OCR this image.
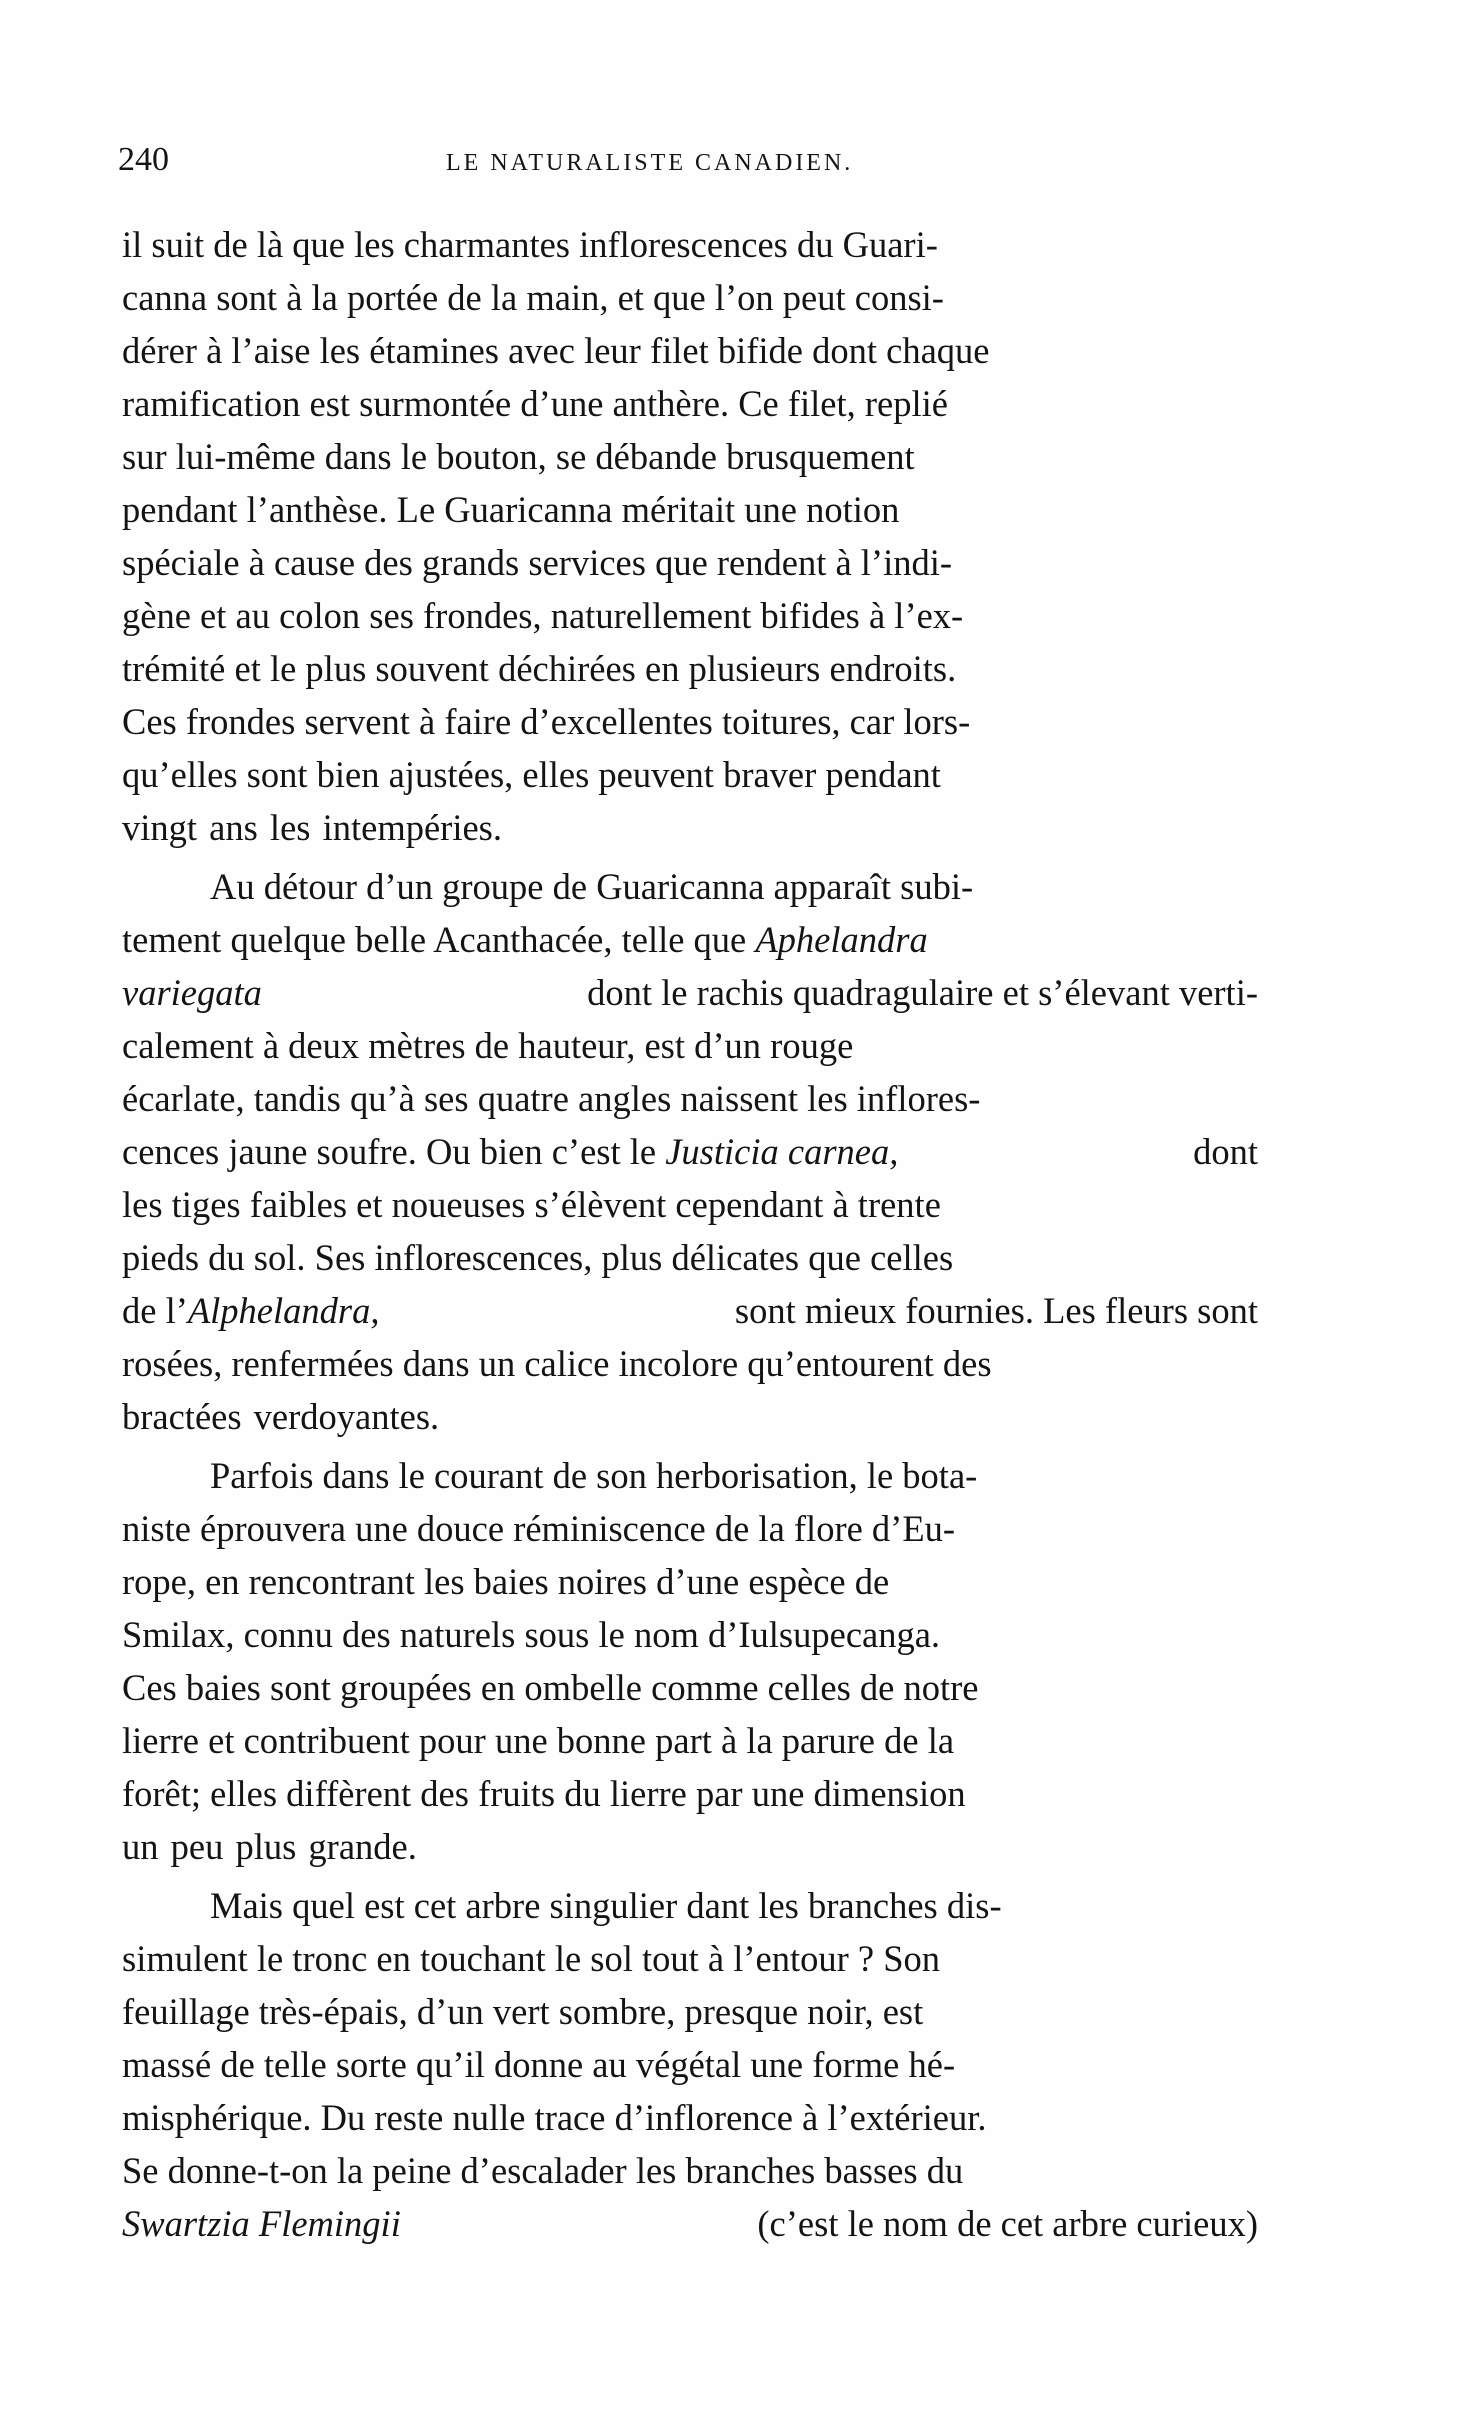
240	LE NATURALISTE CANADIEN.
il suit de là que les charmantes inflorescences du Guari-
canna sont à la portée de la main, et que l’on peut consi-
dérer à l’aise les étamines avec leur filet bifide dont chaque
ramification est surmontée d’une anthère. Ce filet, replié
sur lui-même dans le bouton, se débande brusquement
pendant l’anthèse. Le Guaricanna méritait une notion
spéciale à cause des grands services que rendent à l’indi-
gène et au colon ses frondes, naturellement bifides à l’ex-
trémité et le plus souvent déchirées en plusieurs endroits.
Ces frondes servent à faire d’excellentes toitures, car lors-
qu’elles sont bien ajustées, elles peuvent braver pendant
vingt ans les intempéries.
Au détour d’un groupe de Guaricanna apparaît subi-
tement quelque belle Acanthacée, telle que Aphelandra
variegata	dont le rachis quadragulaire et s’élevant verti-
calement à deux mètres de hauteur, est d’un rouge
écarlate, tandis qu’à ses quatre angles naissent les inflores-
cences jaune soufre. Ou bien c’est le Justicia carnea,	dont
les tiges faibles et noueuses s’élèvent cependant à trente
pieds du sol. Ses inflorescences, plus délicates que celles
de l’Alphelandra,	sont mieux fournies. Les fleurs sont
rosées, renfermées dans un calice incolore qu’entourent des
bractées verdoyantes.
Parfois dans le courant de son herborisation, le bota-
niste éprouvera une douce réminiscence de la flore d’Eu-
rope, en rencontrant les baies noires d’une espèce de
Smilax, connu des naturels sous le nom d’Iulsupecanga.
Ces baies sont groupées en ombelle comme celles de notre
lierre et contribuent pour une bonne part à la parure de la
forêt; elles diffèrent des fruits du lierre par une dimension
un peu plus grande.
Mais quel est cet arbre singulier dant les branches dis-
simulent le tronc en touchant le sol tout à l’entour ? Son
feuillage très-épais, d’un vert sombre, presque noir, est
massé de telle sorte qu’il donne au végétal une forme hé-
misphérique. Du reste nulle trace d’inflorence à l’extérieur.
Se donne-t-on la peine d’escalader les branches basses du
Swartzia Flemingii	(c’est le nom de cet arbre curieux)
